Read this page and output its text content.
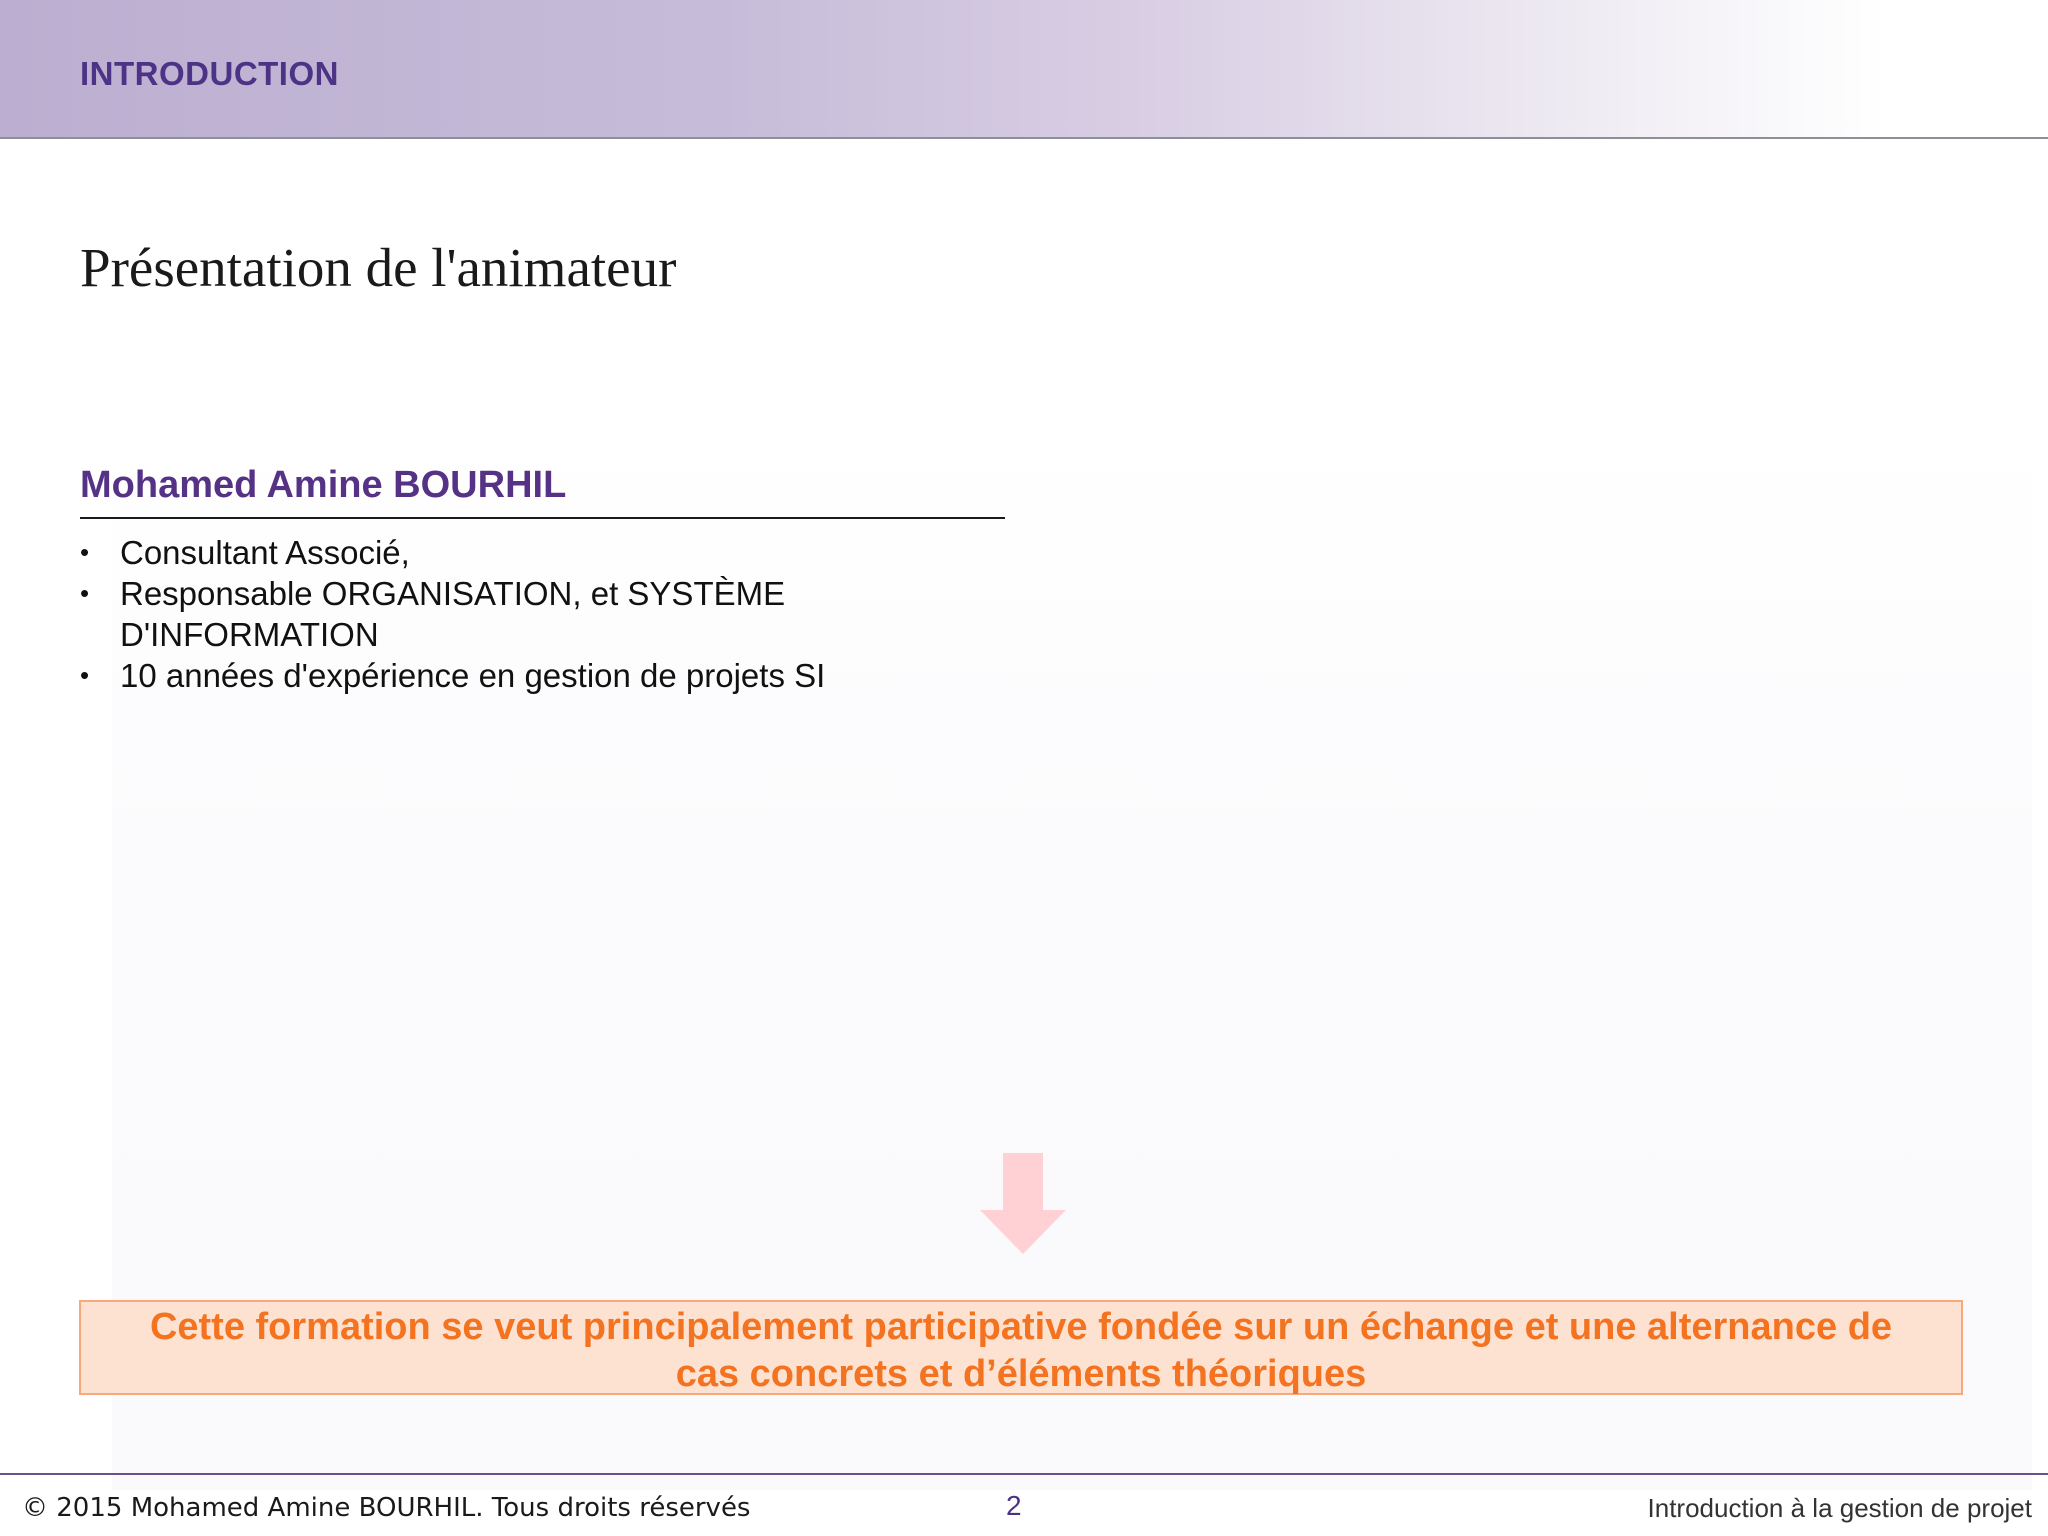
INTRODUCTION
Présentation de l'animateur
Mohamed Amine BOURHIL
• Consultant Associé,
• Responsable ORGANISATION, et SYSTÈME D'INFORMATION
• 10 années d'expérience en gestion de projets SI
Cette formation se veut principalement participative fondée sur un échange et une alternance de
cas concrets et d’éléments théoriques
© 2015 Mohamed Amine BOURHIL. Tous droits réservés	2	Introduction à la gestion de projet
